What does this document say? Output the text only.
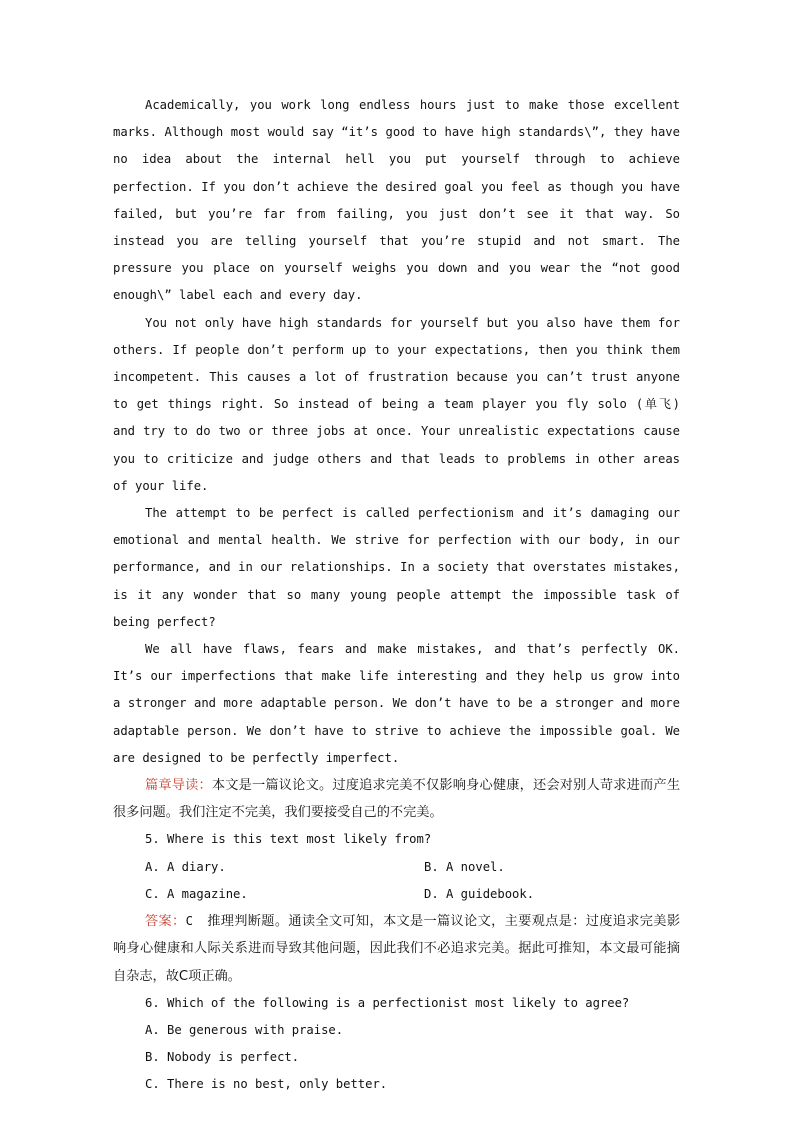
Academically, you work long endless hours just to make those excellent marks. Although most would say “it’s good to have high standards\”, they have no idea about the internal hell you put yourself through to achieve perfection. If you don’t achieve the desired goal you feel as though you have failed, but you’re far from failing, you just don’t see it that way. So instead you are telling yourself that you’re stupid and not smart. The pressure you place on yourself weighs you down and you wear the “not good enough\” label each and every day.

You not only have high standards for yourself but you also have them for others. If people don’t perform up to your expectations, then you think them incompetent. This causes a lot of frustration because you can’t trust anyone to get things right. So instead of being a team player you fly solo (单飞) and try to do two or three jobs at once. Your unrealistic expectations cause you to criticize and judge others and that leads to problems in other areas of your life.

The attempt to be perfect is called perfectionism and it’s damaging our emotional and mental health. We strive for perfection with our body, in our performance, and in our relationships. In a society that overstates mistakes, is it any wonder that so many young people attempt the impossible task of being perfect?

We all have flaws, fears and make mistakes, and that’s perfectly OK. It’s our imperfections that make life interesting and they help us grow into a stronger and more adaptable person. We don’t have to be a stronger and more adaptable person. We don’t have to strive to achieve the impossible goal. We are designed to be perfectly imperfect.

篇章导读：本文是一篇议论文。过度追求完美不仅影响身心健康，还会对别人苛求进而产生很多问题。我们注定不完美，我们要接受自己的不完美。

5. Where is this text most likely from?

A. A diary.	B. A novel.
C. A magazine.	D. A guidebook.

答案：C 推理判断题。通读全文可知，本文是一篇议论文，主要观点是：过度追求完美影响身心健康和人际关系进而导致其他问题，因此我们不必追求完美。据此可推知，本文最可能摘自杂志，故C项正确。

6. Which of the following is a perfectionist most likely to agree?

A. Be generous with praise.

B. Nobody is perfect.

C. There is no best, only better.
